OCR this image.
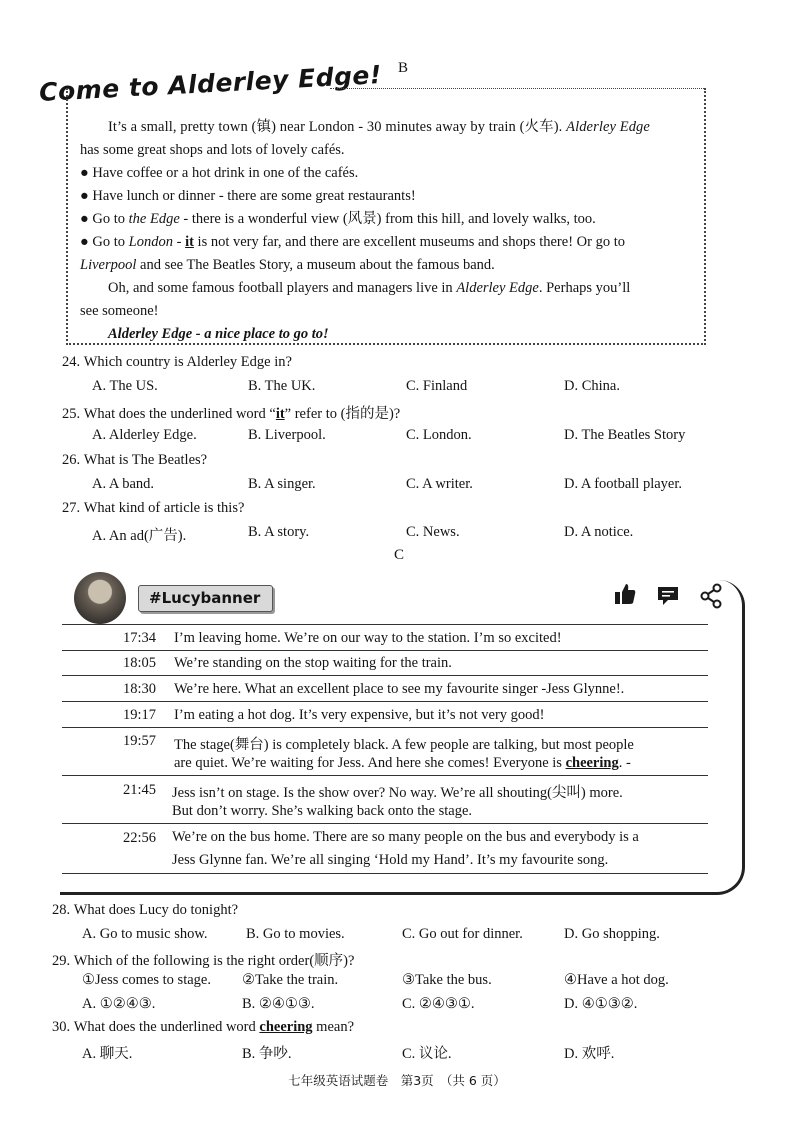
B
Come to Alderley Edge!

It’s a small, pretty town (镇) near London - 30 minutes away by train (火车). Alderley Edge

has some great shops and lots of lovely cafés.

● Have coffee or a hot drink in one of the cafés.

● Have lunch or dinner - there are some great restaurants!

● Go to the Edge - there is a wonderful view (风景) from this hill, and lovely walks, too.

● Go to London - it is not very far, and there are excellent museums and shops there! Or go to

Liverpool and see The Beatles Story, a museum about the famous band.

Oh, and some famous football players and managers live in Alderley Edge. Perhaps you’ll

see someone!

Alderley Edge - a nice place to go to!

24. Which country is Alderley Edge in?
A. The US.	B. The UK.	C. Finland	D. China.
25. What does the underlined word “it” refer to (指的是)?
A. Alderley Edge.	B. Liverpool.	C. London.	D. The Beatles Story
26. What is The Beatles?
A. A band.	B. A singer.	C. A writer.	D. A football player.
27. What kind of article is this?
A. An ad(广告).	B. A story.	C. News.	D. A notice.
C
#Lucybanner
17:34 I’m leaving home. We’re on our way to the station. I’m so excited!
18:05 We’re standing on the stop waiting for the train.
18:30 We’re here. What an excellent place to see my favourite singer -Jess Glynne!.
19:17 I’m eating a hot dog. It’s very expensive, but it’s not very good!
19:57 The stage(舞台) is completely black. A few people are talking, but most people
are quiet. We’re waiting for Jess. And here she comes! Everyone is cheering. -
21:45 Jess isn’t on stage. Is the show over? No way. We’re all shouting(尖叫) more.
But don’t worry. She’s walking back onto the stage.
22:56 We’re on the bus home. There are so many people on the bus and everybody is a
Jess Glynne fan. We’re all singing ‘Hold my Hand’. It’s my favourite song.
28. What does Lucy do tonight?
A. Go to music show.	B. Go to movies.	C. Go out for dinner.	D. Go shopping.
29. Which of the following is the right order(顺序)?
①Jess comes to stage. ②Take the train.	③Take the bus.	④Have a hot dog.
A. ①②④③.	B. ②④①③.	C. ②④③①.	D. ④①③②.
30. What does the underlined word cheering mean?
A. 聊天.	B. 争吵.	C. 议论.	D. 欢呼.
七年级英语试题卷　第3页　（共 6 页）
